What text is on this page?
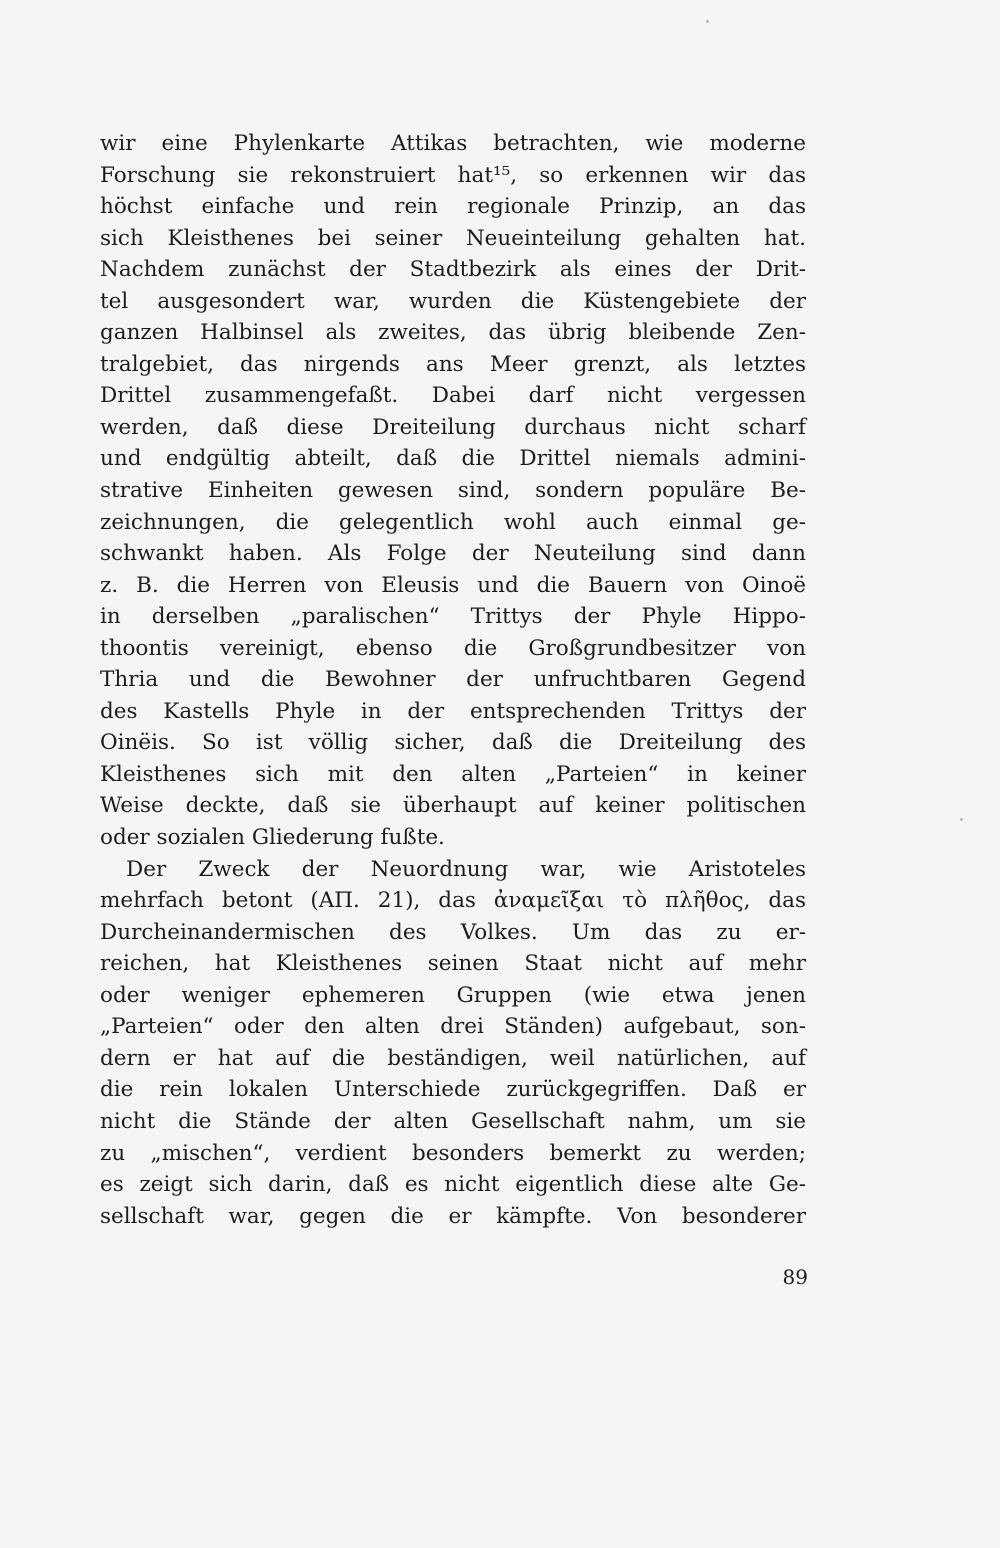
wir eine Phylenkarte Attikas betrachten, wie moderne
Forschung sie rekonstruiert hat¹⁵, so erkennen wir das
höchst einfache und rein regionale Prinzip, an das
sich Kleisthenes bei seiner Neueinteilung gehalten hat.
Nachdem zunächst der Stadtbezirk als eines der Drit-
tel ausgesondert war, wurden die Küstengebiete der
ganzen Halbinsel als zweites, das übrig bleibende Zen-
tralgebiet, das nirgends ans Meer grenzt, als letztes
Drittel zusammengefaßt. Dabei darf nicht vergessen
werden, daß diese Dreiteilung durchaus nicht scharf
und endgültig abteilt, daß die Drittel niemals admini-
strative Einheiten gewesen sind, sondern populäre Be-
zeichnungen, die gelegentlich wohl auch einmal ge-
schwankt haben. Als Folge der Neuteilung sind dann
z. B. die Herren von Eleusis und die Bauern von Oinoë
in derselben „paralischen“ Trittys der Phyle Hippo-
thoontis vereinigt, ebenso die Großgrundbesitzer von
Thria und die Bewohner der unfruchtbaren Gegend
des Kastells Phyle in der entsprechenden Trittys der
Oinëis. So ist völlig sicher, daß die Dreiteilung des
Kleisthenes sich mit den alten „Parteien“ in keiner
Weise deckte, daß sie überhaupt auf keiner politischen
oder sozialen Gliederung fußte.
Der Zweck der Neuordnung war, wie Aristoteles
mehrfach betont (ΑΠ. 21), das ἀναμεῖξαι τὸ πλῆθος, das
Durcheinandermischen des Volkes. Um das zu er-
reichen, hat Kleisthenes seinen Staat nicht auf mehr
oder weniger ephemeren Gruppen (wie etwa jenen
„Parteien“ oder den alten drei Ständen) aufgebaut, son-
dern er hat auf die beständigen, weil natürlichen, auf
die rein lokalen Unterschiede zurückgegriffen. Daß er
nicht die Stände der alten Gesellschaft nahm, um sie
zu „mischen“, verdient besonders bemerkt zu werden;
es zeigt sich darin, daß es nicht eigentlich diese alte Ge-
sellschaft war, gegen die er kämpfte. Von besonderer
89
